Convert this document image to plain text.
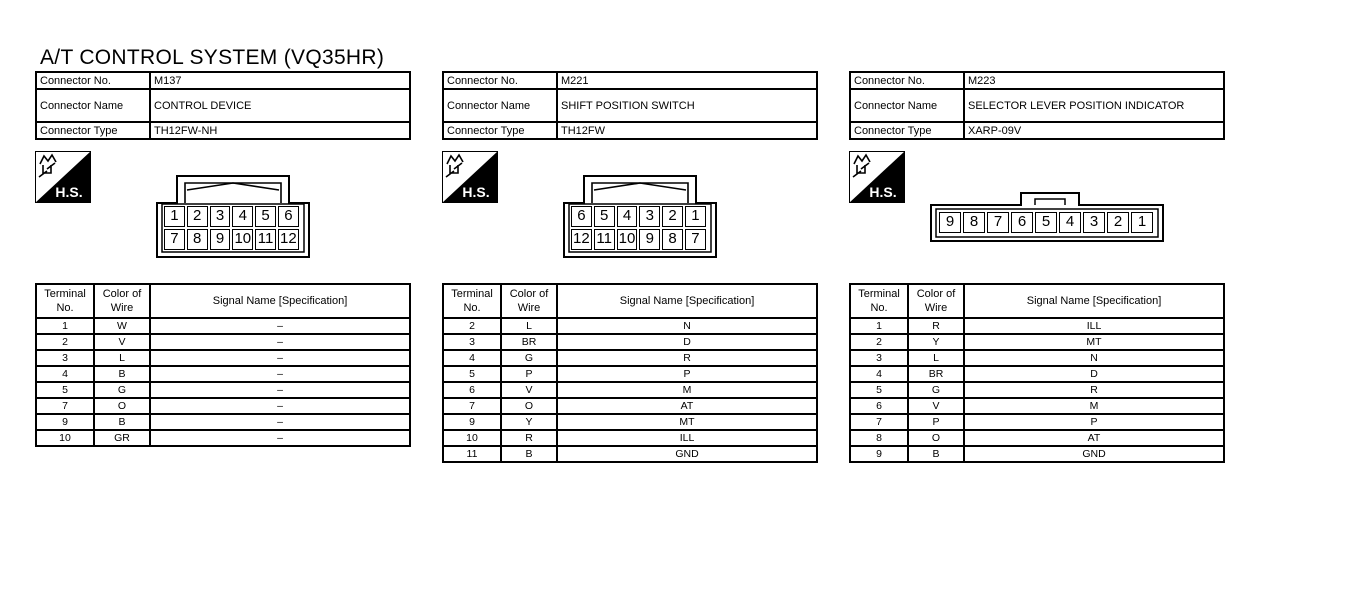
A/T CONTROL SYSTEM (VQ35HR)
Connector No.	M137
Connector Name	CONTROL DEVICE
Connector Type	TH12FW-NH
H.S.
1 2 3 4 5 6
7 8 9 10 11 12
Terminal No.	Color of Wire	Signal Name [Specification]
1	W	–
2	V	–
3	L	–
4	B	–
5	G	–
7	O	–
9	B	–
10	GR	–
Connector No.	M221
Connector Name	SHIFT POSITION SWITCH
Connector Type	TH12FW
H.S.
6 5 4 3 2 1
12 11 10 9 8 7
Terminal No.	Color of Wire	Signal Name [Specification]
2	L	N
3	BR	D
4	G	R
5	P	P
6	V	M
7	O	AT
9	Y	MT
10	R	ILL
11	B	GND
Connector No.	M223
Connector Name	SELECTOR LEVER POSITION INDICATOR
Connector Type	XARP-09V
H.S.
9	8	7	6	5	4	3	2	1
Terminal No.	Color of Wire	Signal Name [Specification]
1	R	ILL
2	Y	MT
3	L	N
4	BR	D
5	G	R
6	V	M
7	P	P
8	O	AT
9	B	GND
